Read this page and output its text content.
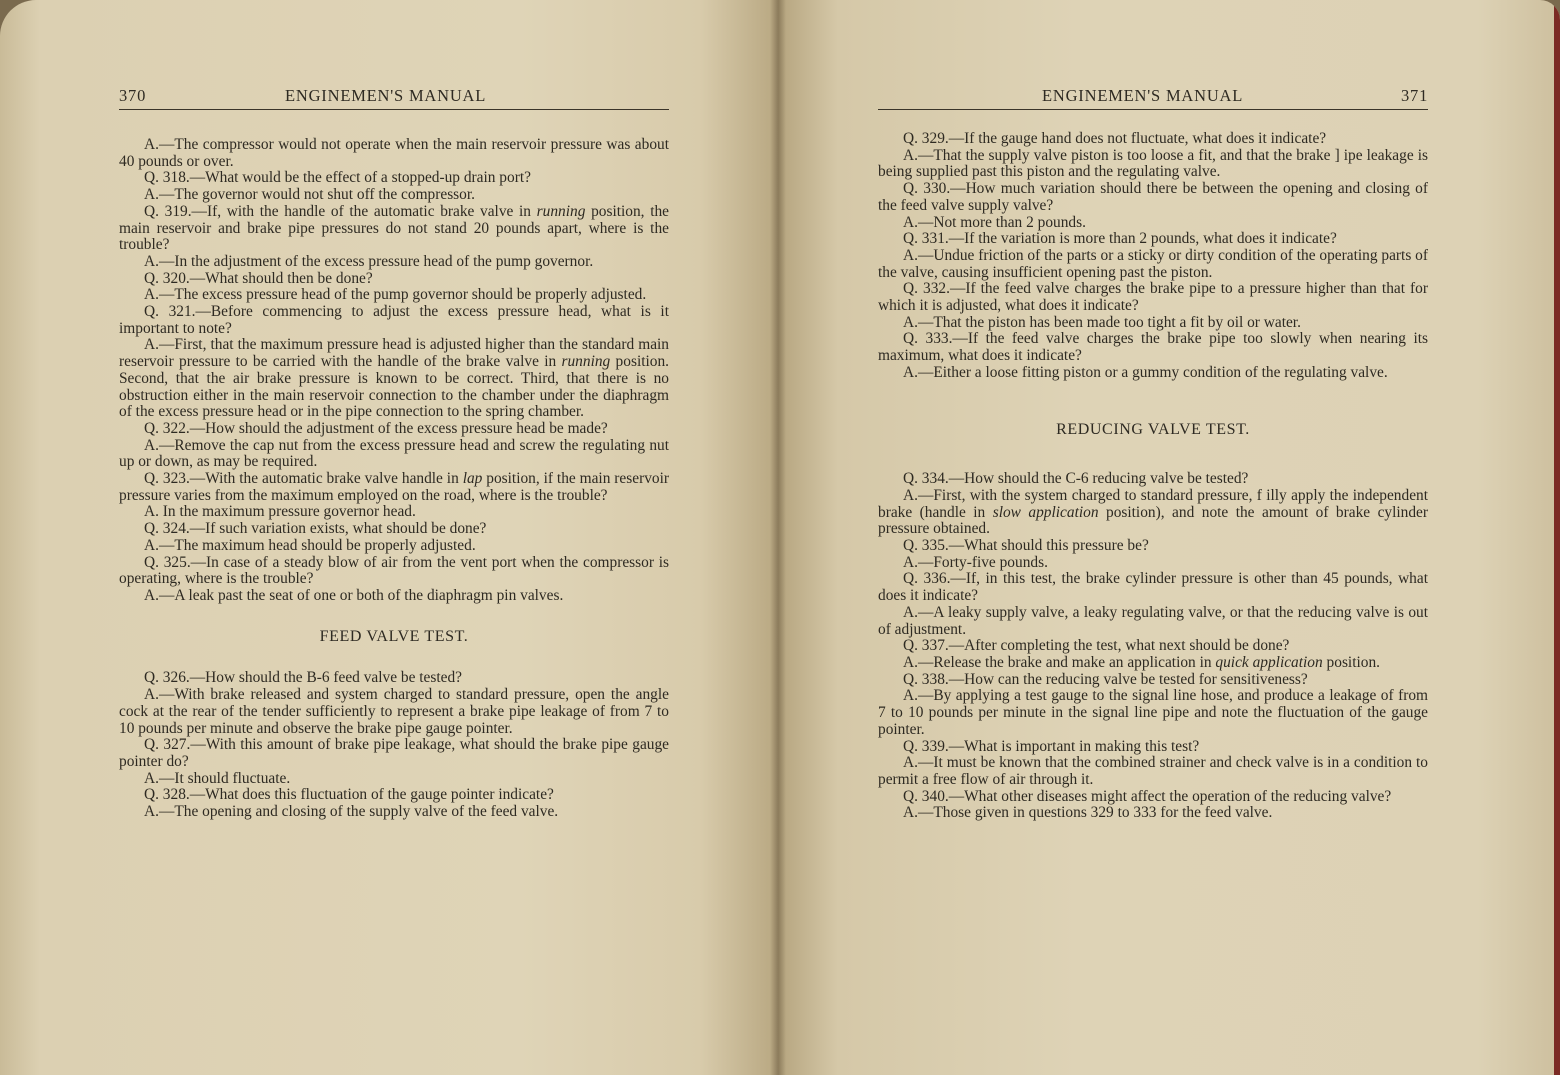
370	ENGINEMEN'S MANUAL

A.—The compressor would not operate when the main reservoir pressure was about 40 pounds or over.

Q. 318.—What would be the effect of a stopped-up drain port?

A.—The governor would not shut off the compressor.

Q. 319.—If, with the handle of the automatic brake valve in running position, the main reservoir and brake pipe pressures do not stand 20 pounds apart, where is the trouble?

A.—In the adjustment of the excess pressure head of the pump governor.

Q. 320.—What should then be done?

A.—The excess pressure head of the pump governor should be properly adjusted.

Q. 321.—Before commencing to adjust the excess pressure head, what is it important to note?

A.—First, that the maximum pressure head is adjusted higher than the standard main reservoir pressure to be carried with the handle of the brake valve in running position. Second, that the air brake pressure is known to be correct. Third, that there is no obstruction either in the main reservoir connection to the chamber under the diaphragm of the excess pressure head or in the pipe connection to the spring chamber.

Q. 322.—How should the adjustment of the excess pressure head be made?

A.—Remove the cap nut from the excess pressure head and screw the regulating nut up or down, as may be required.

Q. 323.—With the automatic brake valve handle in lap position, if the main reservoir pressure varies from the maximum employed on the road, where is the trouble?

A. In the maximum pressure governor head.

Q. 324.—If such variation exists, what should be done?

A.—The maximum head should be properly adjusted.

Q. 325.—In case of a steady blow of air from the vent port when the compressor is operating, where is the trouble?

A.—A leak past the seat of one or both of the diaphragm pin valves.

FEED VALVE TEST.

Q. 326.—How should the B-6 feed valve be tested?

A.—With brake released and system charged to standard pressure, open the angle cock at the rear of the tender sufficiently to represent a brake pipe leakage of from 7 to 10 pounds per minute and observe the brake pipe gauge pointer.

Q. 327.—With this amount of brake pipe leakage, what should the brake pipe gauge pointer do?

A.—It should fluctuate.

Q. 328.—What does this fluctuation of the gauge pointer indicate?

A.—The opening and closing of the supply valve of the feed valve.

ENGINEMEN'S MANUAL	371

Q. 329.—If the gauge hand does not fluctuate, what does it indicate?

A.—That the supply valve piston is too loose a fit, and that the brake ] ipe leakage is being supplied past this piston and the regulating valve.

Q. 330.—How much variation should there be between the opening and closing of the feed valve supply valve?

A.—Not more than 2 pounds.

Q. 331.—If the variation is more than 2 pounds, what does it indicate?

A.—Undue friction of the parts or a sticky or dirty condition of the operating parts of the valve, causing insufficient opening past the piston.

Q. 332.—If the feed valve charges the brake pipe to a pressure higher than that for which it is adjusted, what does it indicate?

A.—That the piston has been made too tight a fit by oil or water.

Q. 333.—If the feed valve charges the brake pipe too slowly when nearing its maximum, what does it indicate?

A.—Either a loose fitting piston or a gummy condition of the regulating valve.

REDUCING VALVE TEST.

Q. 334.—How should the C-6 reducing valve be tested?

A.—First, with the system charged to standard pressure, f illy apply the independent brake (handle in slow application position), and note the amount of brake cylinder pressure obtained.

Q. 335.—What should this pressure be?

A.—Forty-five pounds.

Q. 336.—If, in this test, the brake cylinder pressure is other than 45 pounds, what does it indicate?

A.—A leaky supply valve, a leaky regulating valve, or that the reducing valve is out of adjustment.

Q. 337.—After completing the test, what next should be done?

A.—Release the brake and make an application in quick application position.

Q. 338.—How can the reducing valve be tested for sensitiveness?

A.—By applying a test gauge to the signal line hose, and produce a leakage of from 7 to 10 pounds per minute in the signal line pipe and note the fluctuation of the gauge pointer.

Q. 339.—What is important in making this test?

A.—It must be known that the combined strainer and check valve is in a condition to permit a free flow of air through it.

Q. 340.—What other diseases might affect the operation of the reducing valve?

A.—Those given in questions 329 to 333 for the feed valve.
